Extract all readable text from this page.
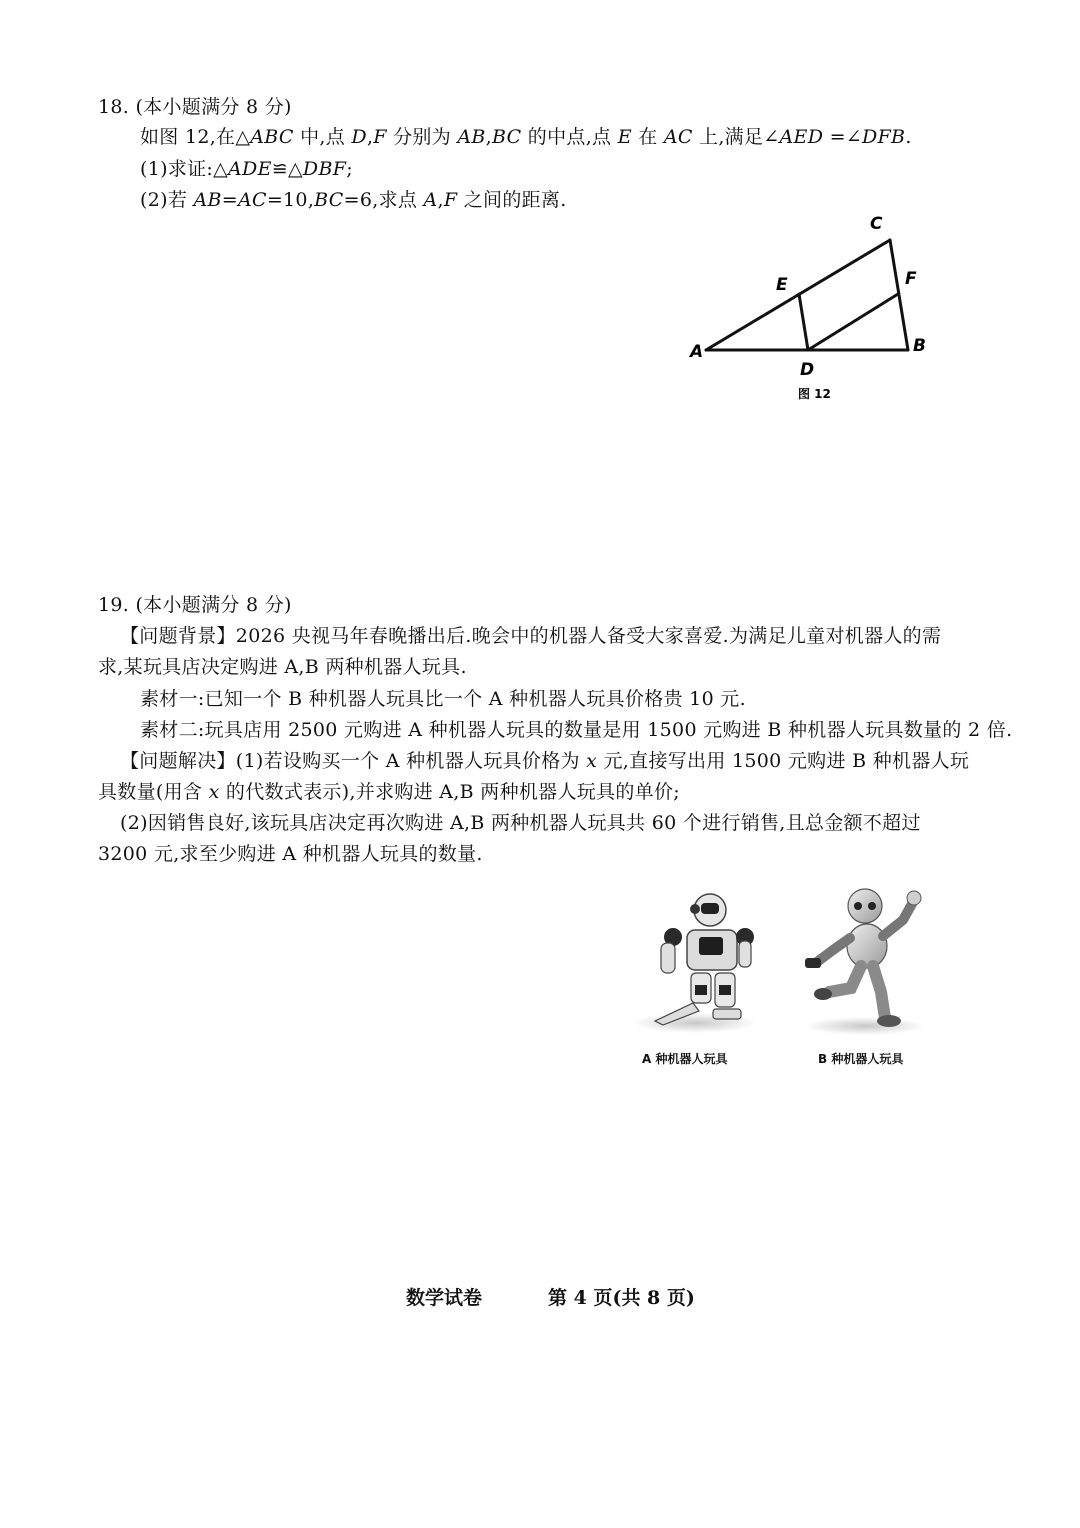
18. (本小题满分 8 分)
如图 12,在△ABC 中,点 D,F 分别为 AB,BC 的中点,点 E 在 AC 上,满足∠AED =∠DFB.
(1)求证:△ADE≌△DBF;
(2)若 AB=AC=10,BC=6,求点 A,F 之间的距离.
A	B
C
D
E	F
图 12
19. (本小题满分 8 分)
【问题背景】2026 央视马年春晚播出后.晚会中的机器人备受大家喜爱.为满足儿童对机器人的需
求,某玩具店决定购进 A,B 两种机器人玩具.
素材一:已知一个 B 种机器人玩具比一个 A 种机器人玩具价格贵 10 元.
素材二:玩具店用 2500 元购进 A 种机器人玩具的数量是用 1500 元购进 B 种机器人玩具数量的 2 倍.
【问题解决】(1)若设购买一个 A 种机器人玩具价格为 x 元,直接写出用 1500 元购进 B 种机器人玩
具数量(用含 x 的代数式表示),并求购进 A,B 两种机器人玩具的单价;
(2)因销售良好,该玩具店决定再次购进 A,B 两种机器人玩具共 60 个进行销售,且总金额不超过
3200 元,求至少购进 A 种机器人玩具的数量.
A 种机器人玩具	B 种机器人玩具
数学试卷	第 4 页(共 8 页)
